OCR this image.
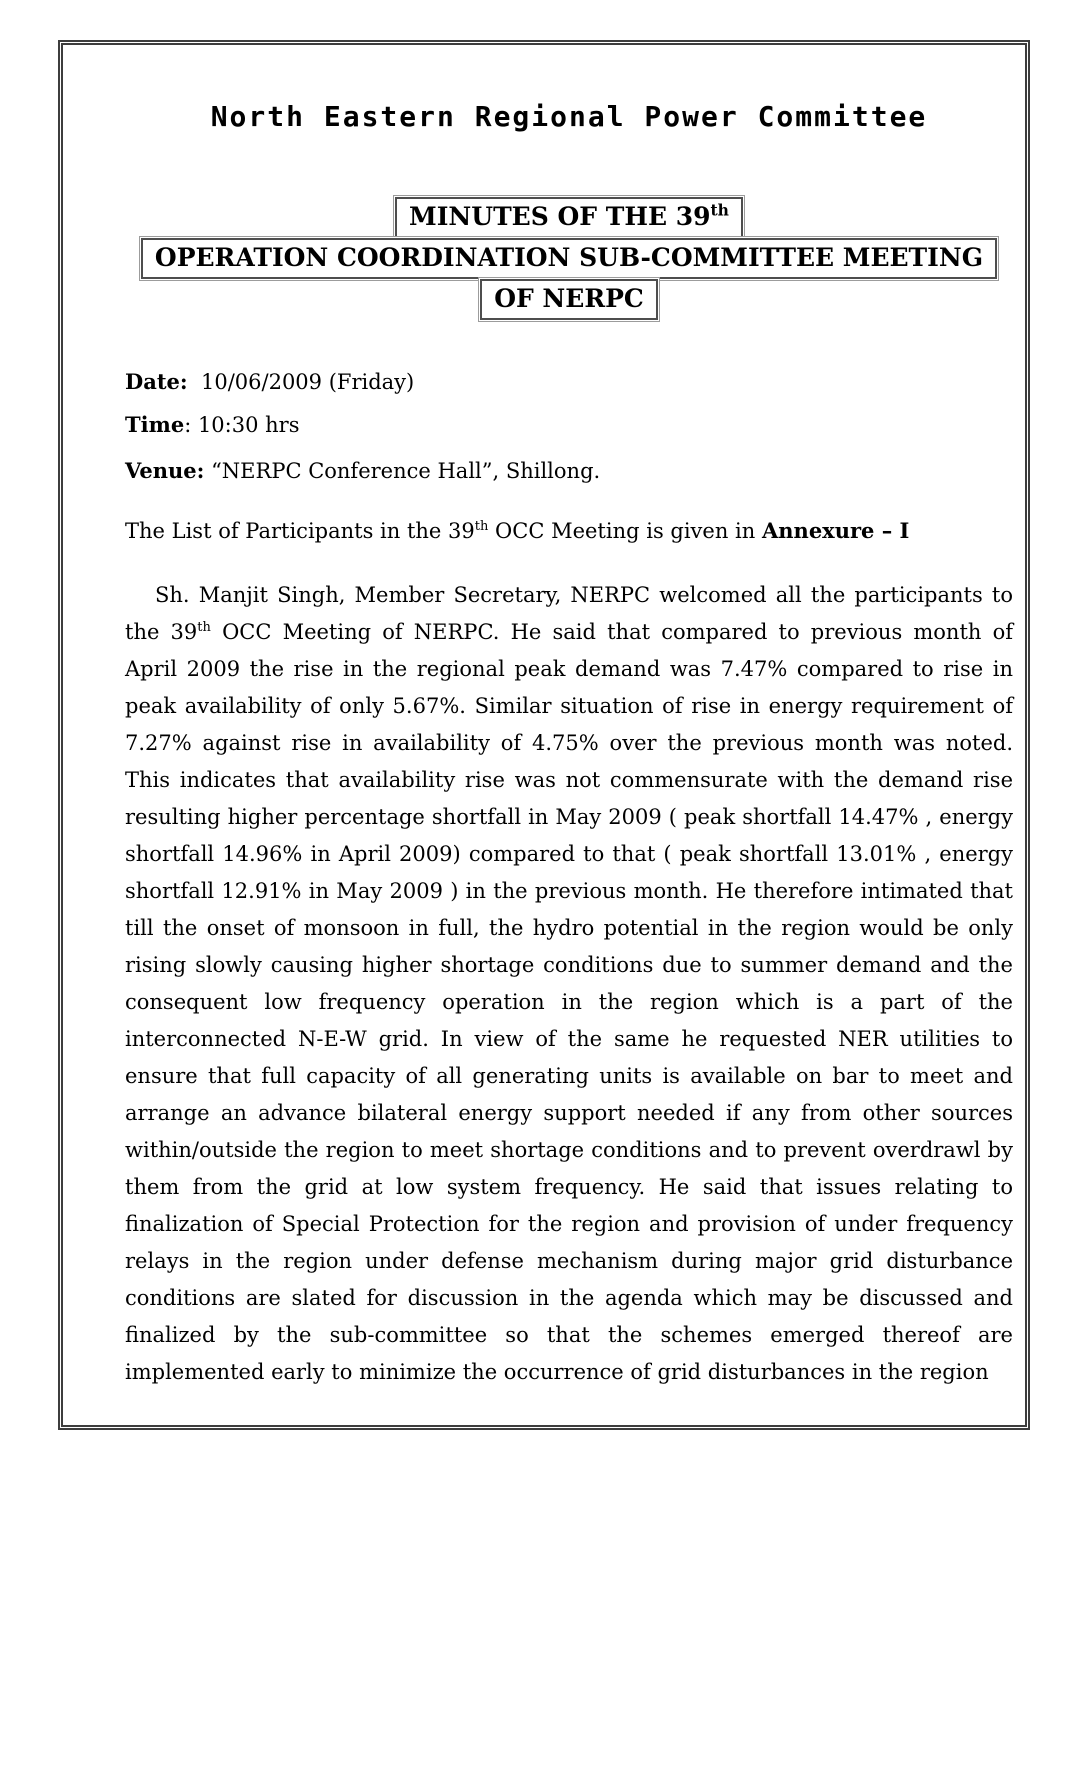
North Eastern Regional Power Committee
MINUTES OF THE 39th
OPERATION COORDINATION SUB-COMMITTEE MEETING
OF NERPC

Date:  10/06/2009 (Friday)

Time: 10:30 hrs

Venue: “NERPC Conference Hall”, Shillong.

The List of Participants in the 39th OCC Meeting is given in Annexure – I

Sh. Manjit Singh, Member Secretary, NERPC welcomed all the participants to the 39th OCC Meeting of NERPC. He said that compared to previous month of April 2009 the rise in the regional peak demand was 7.47% compared to rise in peak availability of only 5.67%. Similar situation of rise in energy requirement of 7.27% against rise in availability of 4.75% over the previous month was noted. This indicates that availability rise was not commensurate with the demand rise resulting higher percentage shortfall in May 2009 ( peak shortfall 14.47% , energy shortfall 14.96% in April 2009) compared to that ( peak shortfall 13.01% , energy shortfall 12.91% in May 2009 ) in the previous month. He therefore intimated that till the onset of monsoon in full, the hydro potential in the region would be only rising slowly causing higher shortage conditions due to summer demand and the consequent low frequency operation in the region which is a part of the interconnected N-E-W grid. In view of the same he requested NER utilities to ensure that full capacity of all generating units is available on bar to meet and arrange an advance bilateral energy support needed if any from other sources within/outside the region to meet shortage conditions and to prevent overdrawl by them from the grid at low system frequency. He said that issues relating to finalization of Special Protection for the region and provision of under frequency relays in the region under defense mechanism during major grid disturbance conditions are slated for discussion in the agenda which may be discussed and finalized by the sub-committee so that the schemes emerged thereof are implemented early to minimize the occurrence of grid disturbances in the region
